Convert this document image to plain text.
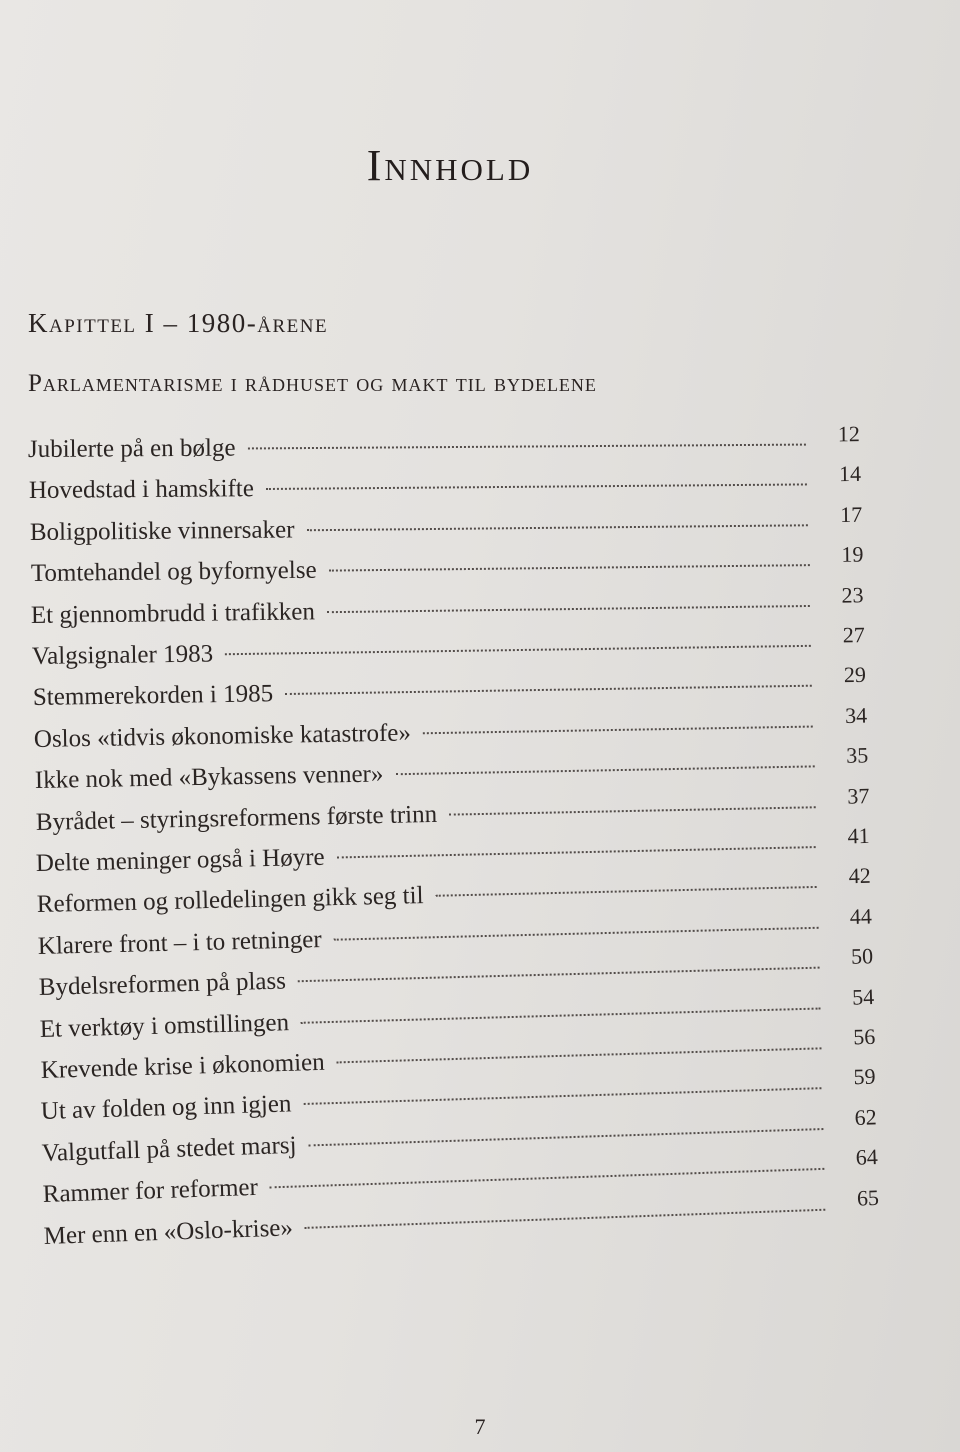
Innhold
Kapittel I – 1980-årene
Parlamentarisme i rådhuset og makt til bydelene
Jubilerte på en bølge
12
Hovedstad i hamskifte
14
Boligpolitiske vinnersaker
17
Tomtehandel og byfornyelse
19
Et gjennombrudd i trafikken
23
Valgsignaler 1983
27
Stemmerekorden i 1985
29
Oslos «tidvis økonomiske katastrofe»
34
Ikke nok med «Bykassens venner»
35
Byrådet – styringsreformens første trinn
37
Delte meninger også i Høyre
41
Reformen og rolledelingen gikk seg til
42
Klarere front – i to retninger
44
Bydelsreformen på plass
50
Et verktøy i omstillingen
54
Krevende krise i økonomien
56
Ut av folden og inn igjen
59
Valgutfall på stedet marsj
62
Rammer for reformer
64
Mer enn en «Oslo-krise»
65
7
